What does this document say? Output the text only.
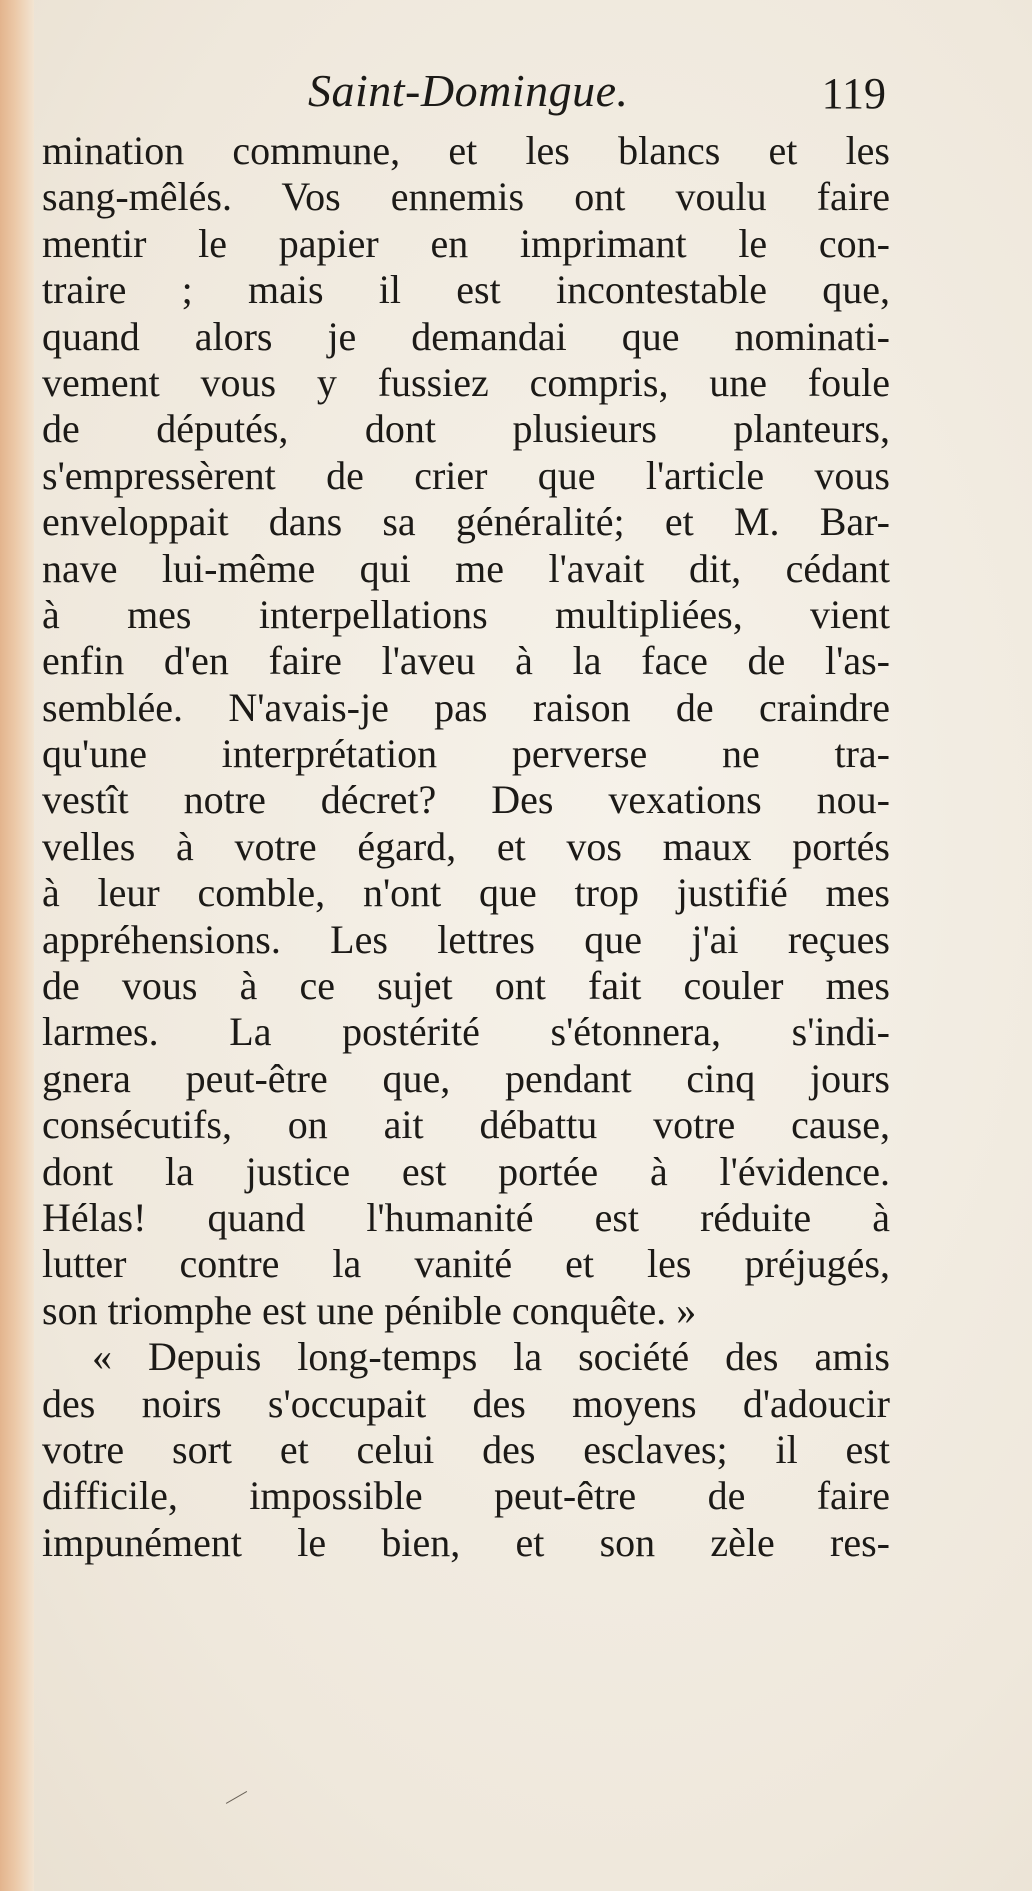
Saint-Domingue.	119
mination commune, et les blancs et les
sang-mêlés. Vos ennemis ont voulu faire
mentir le papier en imprimant le con-
traire ; mais il est incontestable que,
quand alors je demandai que nominati-
vement vous y fussiez compris, une foule
de députés, dont plusieurs planteurs,
s'empressèrent de crier que l'article vous
enveloppait dans sa généralité; et M. Bar-
nave lui-même qui me l'avait dit, cédant
à mes interpellations multipliées, vient
enfin d'en faire l'aveu à la face de l'as-
semblée. N'avais-je pas raison de craindre
qu'une interprétation perverse ne tra-
vestît notre décret? Des vexations nou-
velles à votre égard, et vos maux portés
à leur comble, n'ont que trop justifié mes
appréhensions. Les lettres que j'ai reçues
de vous à ce sujet ont fait couler mes
larmes. La postérité s'étonnera, s'indi-
gnera peut-être que, pendant cinq jours
consécutifs, on ait débattu votre cause,
dont la justice est portée à l'évidence.
Hélas! quand l'humanité est réduite à
lutter contre la vanité et les préjugés,
son triomphe est une pénible conquête. »
« Depuis long-temps la société des amis
des noirs s'occupait des moyens d'adoucir
votre sort et celui des esclaves; il est
difficile, impossible peut-être de faire
impunément le bien, et son zèle res-
